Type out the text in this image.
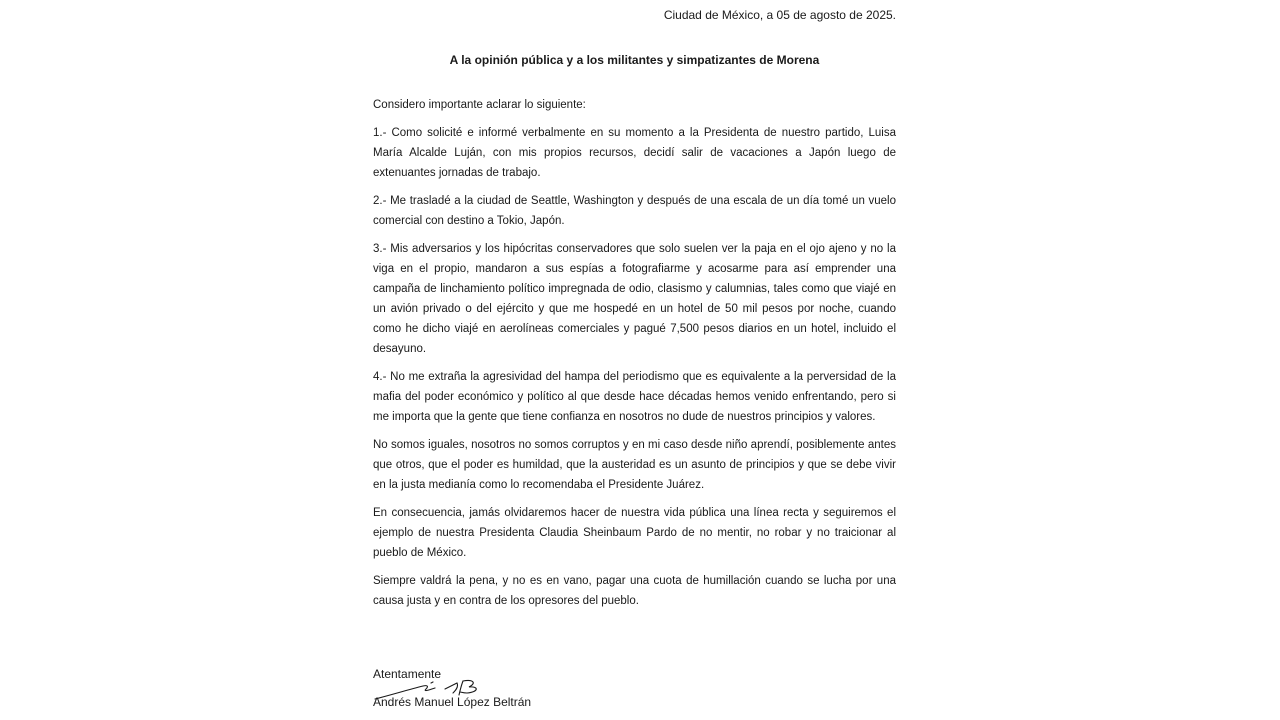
Ciudad de México, a 05 de agosto de 2025.
A la opinión pública y a los militantes y simpatizantes de Morena

Considero importante aclarar lo siguiente:

1.- Como solicité e informé verbalmente en su momento a la Presidenta de nuestro partido, Luisa María Alcalde Luján, con mis propios recursos, decidí salir de vacaciones a Japón luego de extenuantes jornadas de trabajo.

2.- Me trasladé a la ciudad de Seattle, Washington y después de una escala de un día tomé un vuelo comercial con destino a Tokio, Japón.

3.- Mis adversarios y los hipócritas conservadores que solo suelen ver la paja en el ojo ajeno y no la viga en el propio, mandaron a sus espías a fotografiarme y acosarme para así emprender una campaña de linchamiento político impregnada de odio, clasismo y calumnias, tales como que viajé en un avión privado o del ejército y que me hospedé en un hotel de 50 mil pesos por noche, cuando como he dicho viajé en aerolíneas comerciales y pagué 7,500 pesos diarios en un hotel, incluido el desayuno.

4.- No me extraña la agresividad del hampa del periodismo que es equivalente a la perversidad de la mafia del poder económico y político al que desde hace décadas hemos venido enfrentando, pero si me importa que la gente que tiene confianza en nosotros no dude de nuestros principios y valores.

No somos iguales, nosotros no somos corruptos y en mi caso desde niño aprendí, posiblemente antes que otros, que el poder es humildad, que la austeridad es un asunto de principios y que se debe vivir en la justa medianía como lo recomendaba el Presidente Juárez.

En consecuencia, jamás olvidaremos hacer de nuestra vida pública una línea recta y seguiremos el ejemplo de nuestra Presidenta Claudia Sheinbaum Pardo de no mentir, no robar y no traicionar al pueblo de México.

Siempre valdrá la pena, y no es en vano, pagar una cuota de humillación cuando se lucha por una causa justa y en contra de los opresores del pueblo.

Atentamente
Andrés Manuel López Beltrán
